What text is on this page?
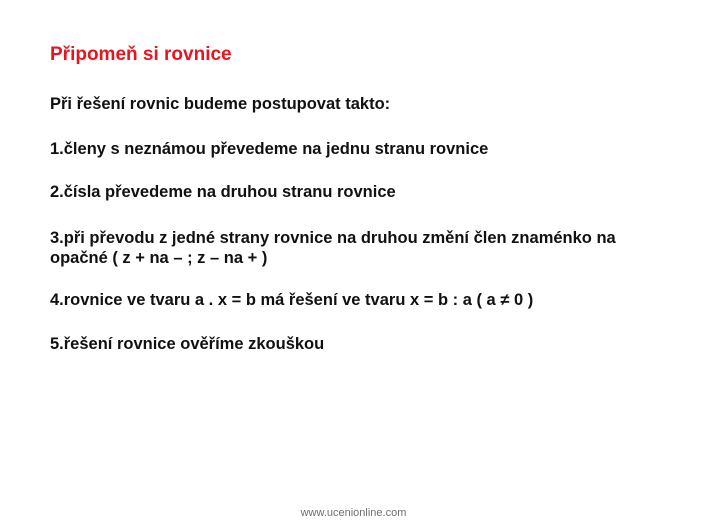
Připomeň si rovnice

Při řešení rovnic budeme postupovat takto:

1.členy s neznámou převedeme na jednu stranu rovnice

2.čísla převedeme na druhou stranu rovnice

3.při převodu z jedné strany rovnice na druhou změní člen znaménko na

opačné ( z + na – ; z – na + )

4.rovnice ve tvaru a . x = b má řešení ve tvaru x = b : a ( a ≠ 0 )

5.řešení rovnice ověříme zkouškou

www.ucenionline.com
